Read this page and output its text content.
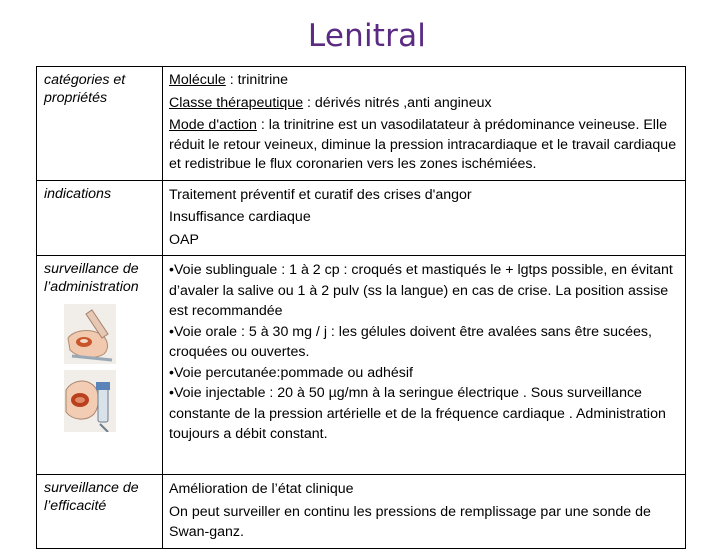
Lenitral
catégories et propriétés	Molécule : trinitrine
Classe thérapeutique : dérivés nitrés ,anti angineux
Mode d'action : la trinitrine est un vasodilatateur à prédominance veineuse. Elle réduit le retour veineux, diminue la pression intracardiaque et le travail cardiaque et redistribue le flux coronarien vers les zones ischémiées.

indications	Traitement préventif et curatif des crises d'angor
Insuffisance cardiaque
OAP

surveillance de l’administration	•Voie sublinguale : 1 à 2 cp : croqués et mastiqués le + lgtps possible, en évitant d’avaler la salive ou 1 à 2 pulv (ss la langue) en cas de crise. La position assise est recommandée
•Voie orale : 5 à 30 mg / j : les gélules doivent être avalées sans être sucées, croquées ou ouvertes.
•Voie percutanée:pommade ou adhésif
•Voie injectable : 20 à 50 µg/mn à la seringue électrique . Sous surveillance constante de la pression artérielle et de la fréquence cardiaque . Administration toujours a débit constant.

surveillance de l’efficacité	Amélioration de l’état clinique
On peut surveiller en continu les pressions de remplissage par une sonde de Swan-ganz.
